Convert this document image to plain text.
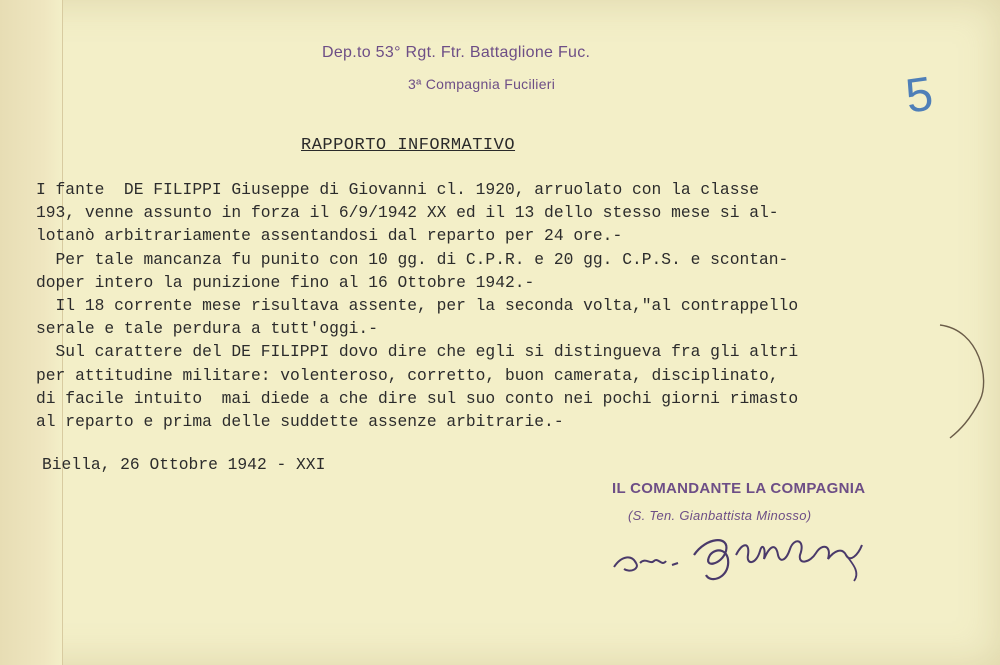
Dep.to 53° Rgt. Ftr. Battaglione Fuc.
3ª Compagnia Fucilieri	5
RAPPORTO INFORMATIVO
I fante  DE FILIPPI Giuseppe di Giovanni cl. 1920, arruolato con la classe
193, venne assunto in forza il 6/9/1942 XX ed il 13 dello stesso mese si al-
lotanò arbitrariamente assentandosi dal reparto per 24 ore.-
Per tale mancanza fu punito con 10 gg. di C.P.R. e 20 gg. C.P.S. e scontan-
doper intero la punizione fino al 16 Ottobre 1942.-
Il 18 corrente mese risultava assente, per la seconda volta,"al contrappello
serale e tale perdura a tutt'oggi.-
Sul carattere del DE FILIPPI dovo dire che egli si distingueva fra gli altri
per attitudine militare: volenteroso, corretto, buon camerata, disciplinato,
di facile intuito  mai diede a che dire sul suo conto nei pochi giorni rimasto
al reparto e prima delle suddette assenze arbitrarie.-
Biella, 26 Ottobre 1942 - XXI
IL COMANDANTE LA COMPAGNIA
(S. Ten. Gianbattista Minosso)
